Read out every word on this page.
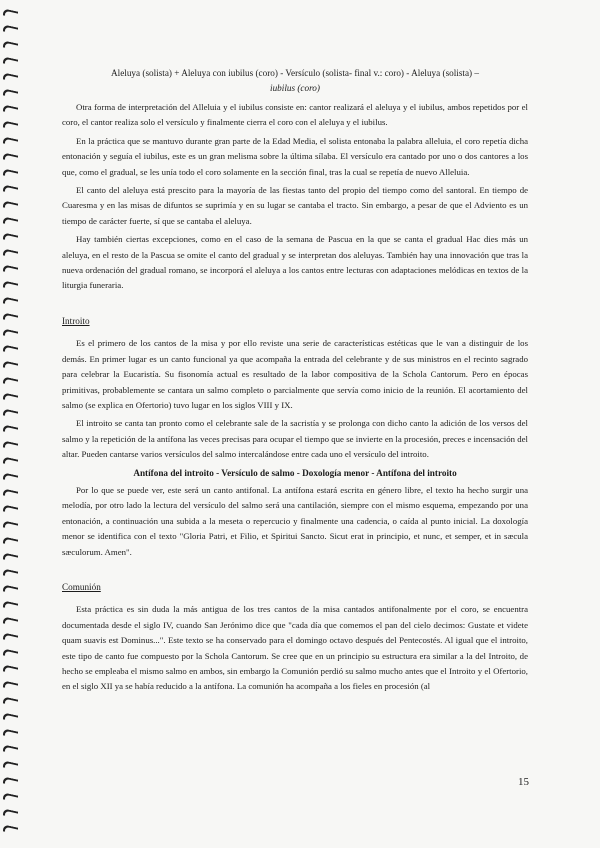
Aleluya (solista) + Aleluya con iubilus (coro) - Versículo (solista- final v.: coro) - Aleluya (solista) –
iubilus (coro)

Otra forma de interpretación del Alleluia y el iubilus consiste en: cantor realizará el aleluya y el iubilus, ambos repetidos por el coro, el cantor realiza solo el versículo y finalmente cierra el coro con el aleluya y el iubilus.

En la práctica que se mantuvo durante gran parte de la Edad Media, el solista entonaba la palabra alleluia, el coro repetía dicha entonación y seguía el iubilus, este es un gran melisma sobre la última sílaba. El versículo era cantado por uno o dos cantores a los que, como el gradual, se les unía todo el coro solamente en la sección final, tras la cual se repetía de nuevo Alleluia.

El canto del aleluya está prescito para la mayoría de las fiestas tanto del propio del tiempo como del santoral. En tiempo de Cuaresma y en las misas de difuntos se suprimía y en su lugar se cantaba el tracto. Sin embargo, a pesar de que el Adviento es un tiempo de carácter fuerte, sí que se cantaba el aleluya.

Hay también ciertas excepciones, como en el caso de la semana de Pascua en la que se canta el gradual Hac dies más un aleluya, en el resto de la Pascua se omite el canto del gradual y se interpretan dos aleluyas. También hay una innovación que tras la nueva ordenación del gradual romano, se incorporá el aleluya a los cantos entre lecturas con adaptaciones melódicas en textos de la liturgia funeraria.

Introito

Es el primero de los cantos de la misa y por ello reviste una serie de características estéticas que le van a distinguir de los demás. En primer lugar es un canto funcional ya que acompaña la entrada del celebrante y de sus ministros en el recinto sagrado para celebrar la Eucaristía. Su fisonomía actual es resultado de la labor compositiva de la Schola Cantorum. Pero en épocas primitivas, probablemente se cantara un salmo completo o parcialmente que servía como inicio de la reunión. El acortamiento del salmo (se explica en Ofertorio) tuvo lugar en los siglos VIII y IX.

El introito se canta tan pronto como el celebrante sale de la sacristía y se prolonga con dicho canto la adición de los versos del salmo y la repetición de la antífona las veces precisas para ocupar el tiempo que se invierte en la procesión, preces e incensación del altar. Pueden cantarse varios versículos del salmo intercalándose entre cada uno el versículo del introito.

Antífona del introito - Versículo de salmo - Doxología menor - Antífona del introito

Por lo que se puede ver, este será un canto antifonal. La antífona estará escrita en género libre, el texto ha hecho surgir una melodía, por otro lado la lectura del versículo del salmo será una cantilación, siempre con el mismo esquema, empezando por una entonación, a continuación una subida a la meseta o repercucio y finalmente una cadencia, o caída al punto inicial. La doxología menor se identifica con el texto "Gloria Patri, et Filio, et Spiritui Sancto. Sicut erat in principio, et nunc, et semper, et in sæcula sæculorum. Amen".

Comunión

Esta práctica es sin duda la más antigua de los tres cantos de la misa cantados antifonalmente por el coro, se encuentra documentada desde el siglo IV, cuando San Jerónimo dice que "cada día que comemos el pan del cielo decimos: Gustate et videte quam suavis est Dominus...". Este texto se ha conservado para el domingo octavo después del Pentecostés. Al igual que el introito, este tipo de canto fue compuesto por la Schola Cantorum. Se cree que en un principio su estructura era similar a la del Introito, de hecho se empleaba el mismo salmo en ambos, sin embargo la Comunión perdió su salmo mucho antes que el Introito y el Ofertorio, en el siglo XII ya se había reducido a la antífona. La comunión ha acompaña a los fieles en procesión (al

15
